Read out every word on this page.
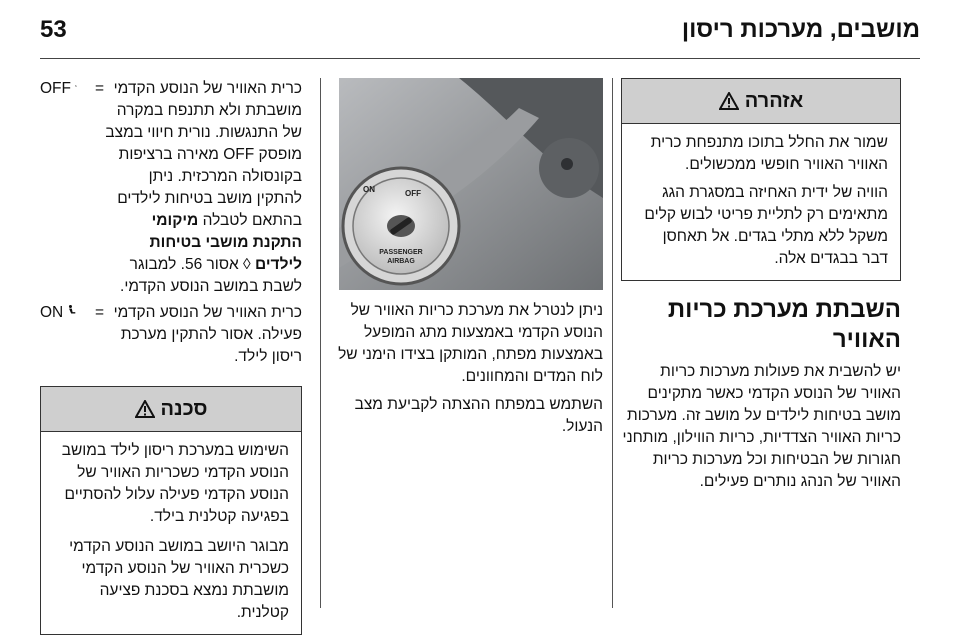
53	מושבים, מערכות ריסון
אזהרה

שמור את החלל בתוכו מתנפחת כרית האוויר האוויר חופשי ממכשולים.

הוויה של ידית האחיזה במסגרת הגג מתאימים רק לתליית פריטי לבוש קלים משקל ללא מתלי בגדים. אל תאחסן דבר בבגדים אלה.

השבתת מערכת כריות האוויר

יש להשבית את פעולות מערכות כריות האוויר של הנוסע הקדמי כאשר מתקינים מושב בטיחות לילדים על מושב זה. מערכות כריות האוויר הצדדיות, כריות הווילון, מותחני חגורות של הבטיחות וכל מערכות כריות האוויר של הנהג נותרים פעילים.

ON	OFF
PASSENGER
AIRBAG

ניתן לנטרל את מערכת כריות האוויר של הנוסע הקדמי באמצעות מתג המופעל באמצעות מפתח, המותקן בצידו הימני של לוח המדים והמחוונים.

השתמש במפתח ההצתה לקביעת מצב הנעול.

OFF = כרית האוויר של הנוסע הקדמי מושבתת ולא תתנפח במקרה של התנגשות. נורית חיווי במצב מופסק OFF מאירה ברציפות בקונסולה המרכזית. ניתן להתקין מושב בטיחות לילדים בהתאם לטבלה מיקומי התקנת מושבי בטיחות לילדים ◊ אסור 56. למבוגר לשבת במושב הנוסע הקדמי.
ON = כרית האוויר של הנוסע הקדמי פעילה. אסור להתקין מערכת ריסון לילד.
סכנה

השימוש במערכת ריסון לילד במושב הנוסע הקדמי כשכריות האוויר של הנוסע הקדמי פעילה עלול להסתיים בפגיעה קטלנית בילד.

מבוגר היושב במושב הנוסע הקדמי כשכרית האוויר של הנוסע הקדמי מושבתת נמצא בסכנת פציעה קטלנית.
